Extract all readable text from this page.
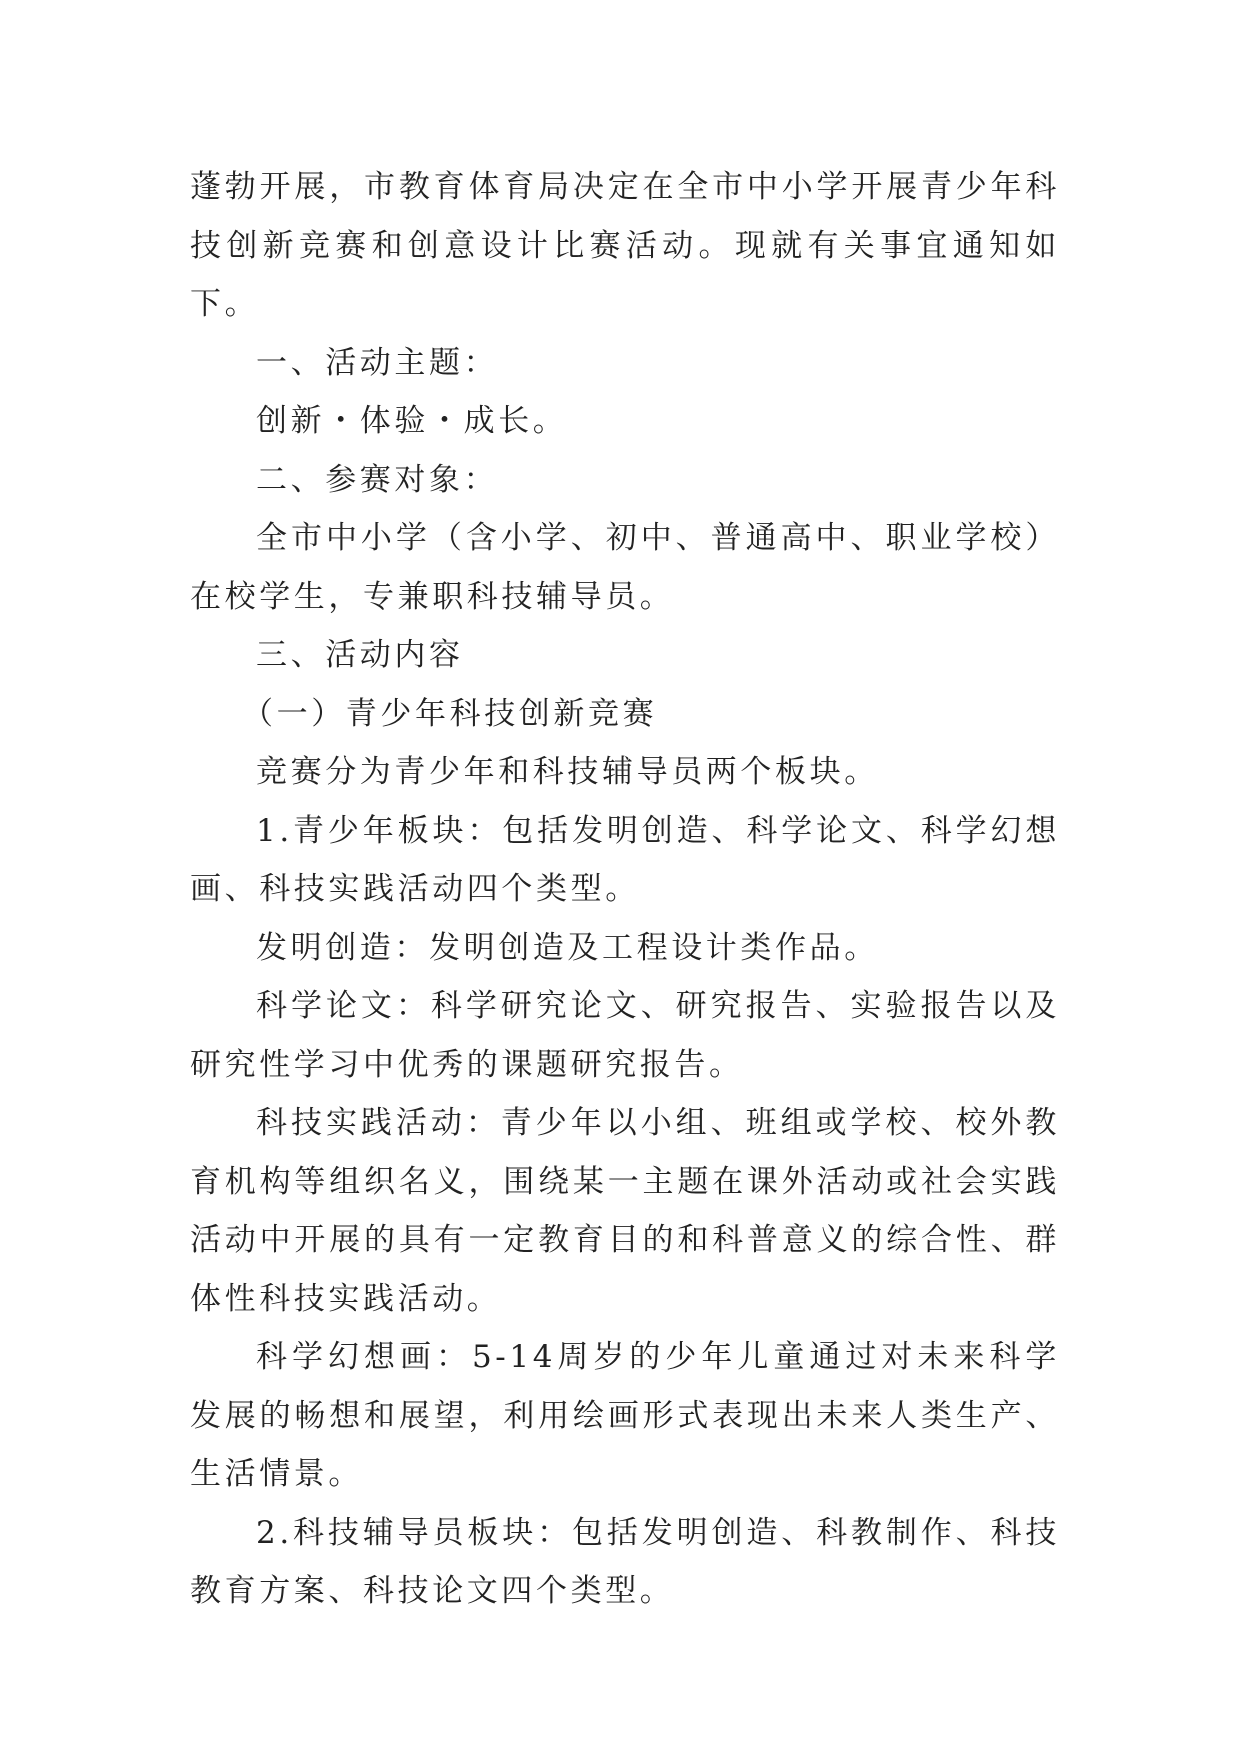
蓬勃开展，市教育体育局决定在全市中小学开展青少年科技创新竞赛和创意设计比赛活动。现就有关事宜通知如下。

一、活动主题：

创新・体验・成长。

二、参赛对象：

全市中小学（含小学、初中、普通高中、职业学校）在校学生，专兼职科技辅导员。

三、活动内容

（一）青少年科技创新竞赛

竞赛分为青少年和科技辅导员两个板块。

1.青少年板块：包括发明创造、科学论文、科学幻想画、科技实践活动四个类型。

发明创造：发明创造及工程设计类作品。

科学论文：科学研究论文、研究报告、实验报告以及研究性学习中优秀的课题研究报告。

科技实践活动：青少年以小组、班组或学校、校外教育机构等组织名义，围绕某一主题在课外活动或社会实践活动中开展的具有一定教育目的和科普意义的综合性、群体性科技实践活动。

科学幻想画：5-14周岁的少年儿童通过对未来科学发展的畅想和展望，利用绘画形式表现出未来人类生产、生活情景。

2.科技辅导员板块：包括发明创造、科教制作、科技教育方案、科技论文四个类型。
